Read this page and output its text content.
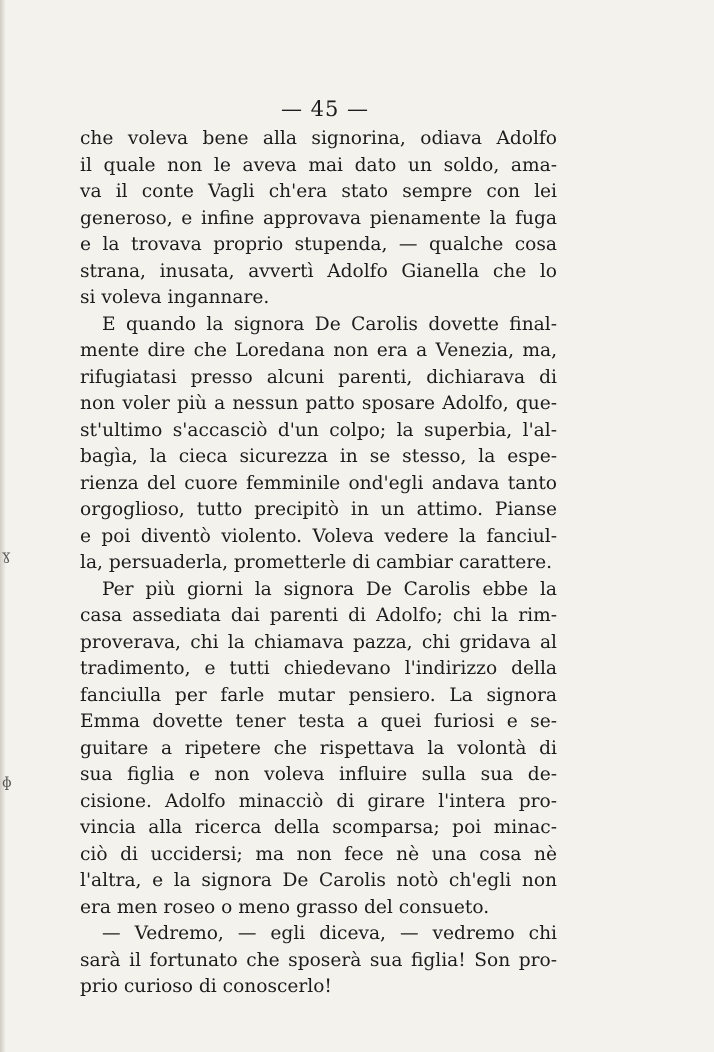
— 45 —
che voleva bene alla signorina, odiava Adolfo
il quale non le aveva mai dato un soldo, ama-
va il conte Vagli ch'era stato sempre con lei
generoso, e infine approvava pienamente la fuga
e la trovava proprio stupenda, — qualche cosa
strana, inusata, avvertì Adolfo Gianella che lo
si voleva ingannare.
E quando la signora De Carolis dovette final-
mente dire che Loredana non era a Venezia, ma,
rifugiatasi presso alcuni parenti, dichiarava di
non voler più a nessun patto sposare Adolfo, que-
st'ultimo s'accasciò d'un colpo; la superbia, l'al-
bagìa, la cieca sicurezza in se stesso, la espe-
rienza del cuore femminile ond'egli andava tanto
orgoglioso, tutto precipitò in un attimo. Pianse
e poi diventò violento. Voleva vedere la fanciul-
la, persuaderla, prometterle di cambiar carattere.
Per più giorni la signora De Carolis ebbe la
casa assediata dai parenti di Adolfo; chi la rim-
proverava, chi la chiamava pazza, chi gridava al
tradimento, e tutti chiedevano l'indirizzo della
fanciulla per farle mutar pensiero. La signora
Emma dovette tener testa a quei furiosi e se-
guitare a ripetere che rispettava la volontà di
sua figlia e non voleva influire sulla sua de-
cisione. Adolfo minacciò di girare l'intera pro-
vincia alla ricerca della scomparsa; poi minac-
ciò di uccidersi; ma non fece nè una cosa nè
l'altra, e la signora De Carolis notò ch'egli non
era men roseo o meno grasso del consueto.
— Vedremo, — egli diceva, — vedremo chi
sarà il fortunato che sposerà sua figlia! Son pro-
prio curioso di conoscerlo!
ɣ
ɸ
